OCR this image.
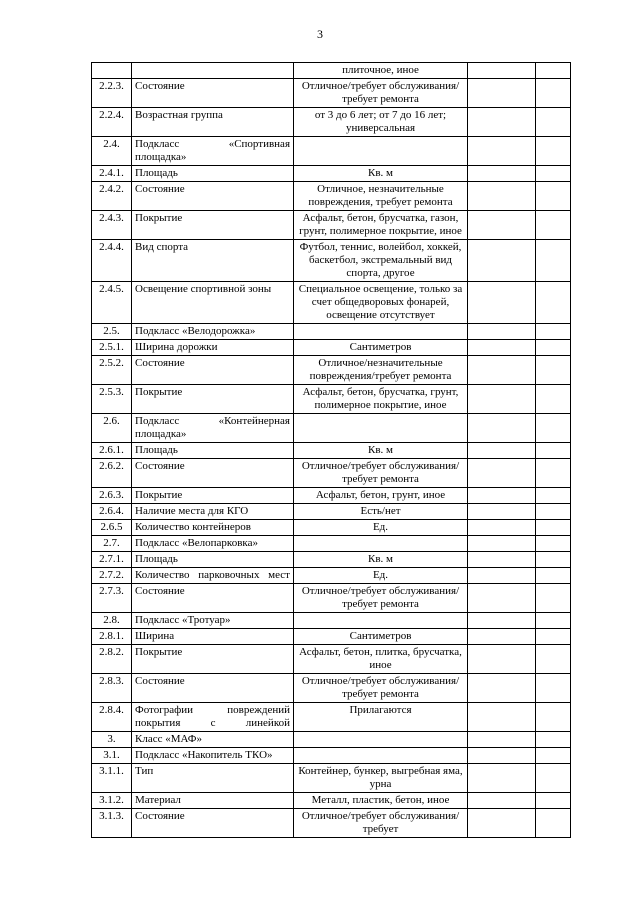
3
		плиточное, иное		
2.2.3.	Состояние	Отличное/требует обслуживания/ требует ремонта		
2.2.4.	Возрастная группа	от 3 до 6 лет; от 7 до 16 лет; универсальная		
2.4.	Подкласс «Спортивная площадка»			
2.4.1.	Площадь	Кв. м		
2.4.2.	Состояние	Отличное, незначительные повреждения, требует ремонта		
2.4.3.	Покрытие	Асфальт, бетон, брусчатка, газон, грунт, полимерное покрытие, иное		
2.4.4.	Вид спорта	Футбол, теннис, волейбол, хоккей, баскетбол, экстремальный вид спорта, другое		
2.4.5.	Освещение спортивной зоны	Специальное освещение, только за счет общедворовых фонарей, освещение отсутствует		
2.5.	Подкласс «Велодорожка»			
2.5.1.	Ширина дорожки	Сантиметров		
2.5.2.	Состояние	Отличное/незначительные повреждения/требует ремонта		
2.5.3.	Покрытие	Асфальт, бетон, брусчатка, грунт, полимерное покрытие, иное		
2.6.	Подкласс «Контейнерная площадка»			
2.6.1.	Площадь	Кв. м		
2.6.2.	Состояние	Отличное/требует обслуживания/требует ремонта		
2.6.3.	Покрытие	Асфальт, бетон, грунт, иное		
2.6.4.	Наличие места для КГО	Есть/нет		
2.6.5	Количество контейнеров	Ед.		
2.7.	Подкласс «Велопарковка»			
2.7.1.	Площадь	Кв. м		
2.7.2.	Количество парковочных мест	Ед.		
2.7.3.	Состояние	Отличное/требует обслуживания/требует ремонта		
2.8.	Подкласс «Тротуар»			
2.8.1.	Ширина	Сантиметров		
2.8.2.	Покрытие	Асфальт, бетон, плитка, брусчатка, иное		
2.8.3.	Состояние	Отличное/требует обслуживания/требует ремонта		
2.8.4.	Фотографии повреждений покрытия с линейкой	Прилагаются		
3.	Класс «МАФ»			
3.1.	Подкласс «Накопитель ТКО»			
3.1.1.	Тип	Контейнер, бункер, выгребная яма, урна		
3.1.2.	Материал	Металл, пластик, бетон, иное		
3.1.3.	Состояние	Отличное/требует обслуживания/требует		
